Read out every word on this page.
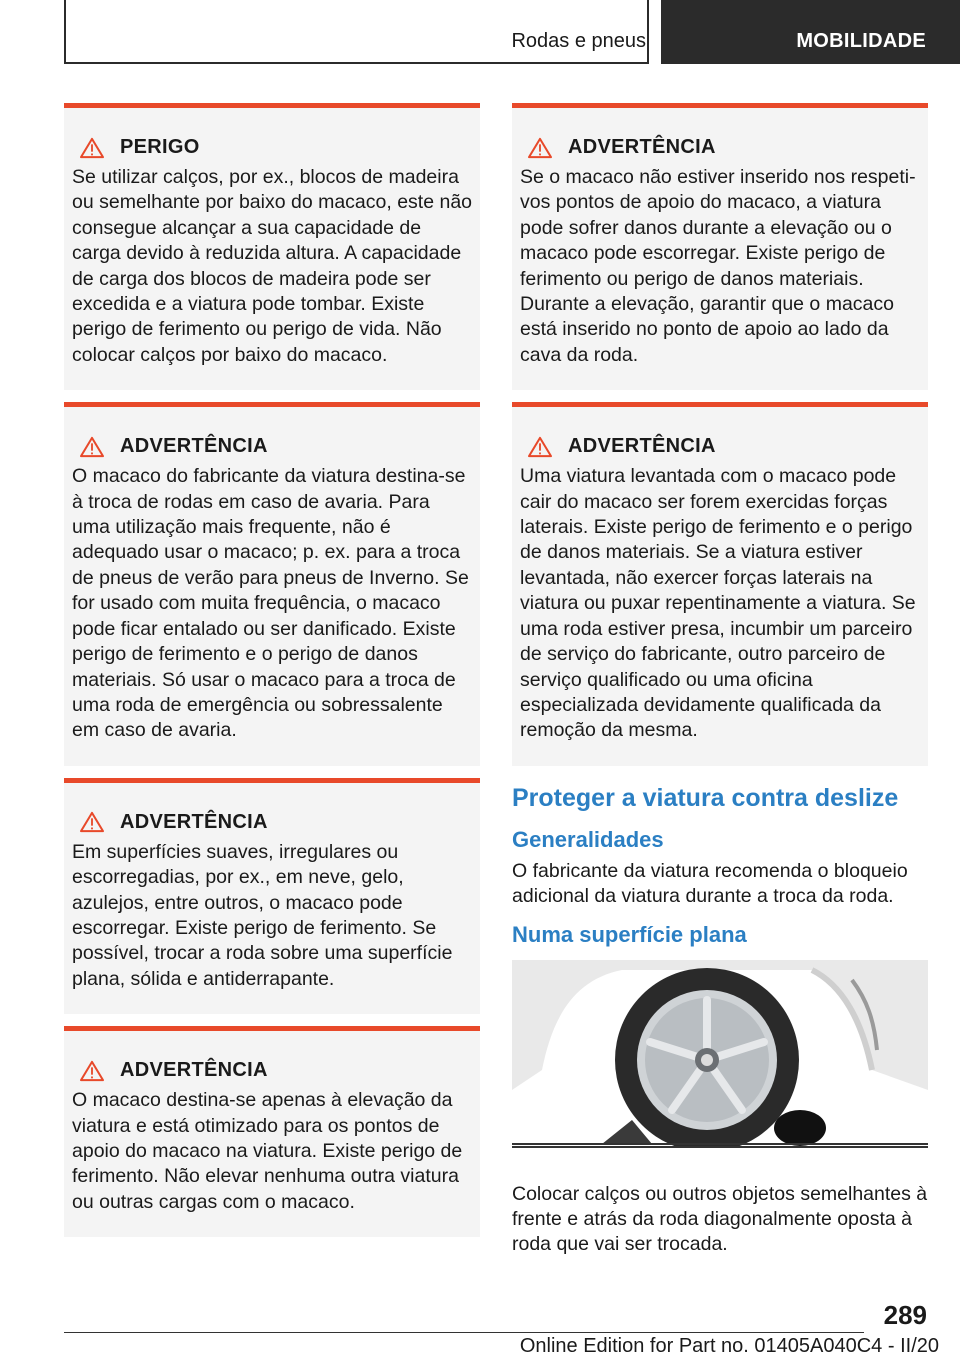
Rodas e pneus	MOBILIDADE
PERIGO
Se utilizar calços, por ex., blocos de madeira ou semelhante por baixo do macaco, este não consegue alcançar a sua capacidade de carga devido à reduzida altura. A capacidade de carga dos blocos de madeira pode ser excedida e a viatura pode tombar. Existe perigo de ferimento ou perigo de vida. Não colocar calços por baixo do macaco.
ADVERTÊNCIA
O macaco do fabricante da viatura destina-se à troca de rodas em caso de avaria. Para uma utilização mais frequente, não é adequado usar o macaco; p. ex. para a troca de pneus de verão para pneus de Inverno. Se for usado com muita frequência, o macaco pode ficar entalado ou ser danificado. Existe perigo de ferimento e o perigo de danos materiais. Só usar o macaco para a troca de uma roda de emergência ou sobressalente em caso de avaria.
ADVERTÊNCIA
Em superfícies suaves, irregulares ou escorregadias, por ex., em neve, gelo, azulejos, entre outros, o macaco pode escorregar. Existe perigo de ferimento. Se possível, trocar a roda sobre uma superfície plana, sólida e antiderrapante.
ADVERTÊNCIA
O macaco destina-se apenas à elevação da viatura e está otimizado para os pontos de apoio do macaco na viatura. Existe perigo de ferimento. Não elevar nenhuma outra viatura ou outras cargas com o macaco.
ADVERTÊNCIA
Se o macaco não estiver inserido nos respetivos pontos de apoio do macaco, a viatura pode sofrer danos durante a elevação ou o macaco pode escorregar. Existe perigo de ferimento ou perigo de danos materiais. Durante a elevação, garantir que o macaco está inserido no ponto de apoio ao lado da cava da roda.
ADVERTÊNCIA
Uma viatura levantada com o macaco pode cair do macaco ser forem exercidas forças laterais. Existe perigo de ferimento e o perigo de danos materiais. Se a viatura estiver levantada, não exercer forças laterais na viatura ou puxar repentinamente a viatura. Se uma roda estiver presa, incumbir um parceiro de serviço do fabricante, outro parceiro de serviço qualificado ou uma oficina especializada devidamente qualificada da remoção da mesma.
Proteger a viatura contra deslize
Generalidades

O fabricante da viatura recomenda o bloqueio adicional da viatura durante a troca da roda.

Numa superfície plana
Colocar calços ou outros objetos semelhantes à frente e atrás da roda diagonalmente oposta à roda que vai ser trocada.
289
Online Edition for Part no. 01405A040C4 - II/20
